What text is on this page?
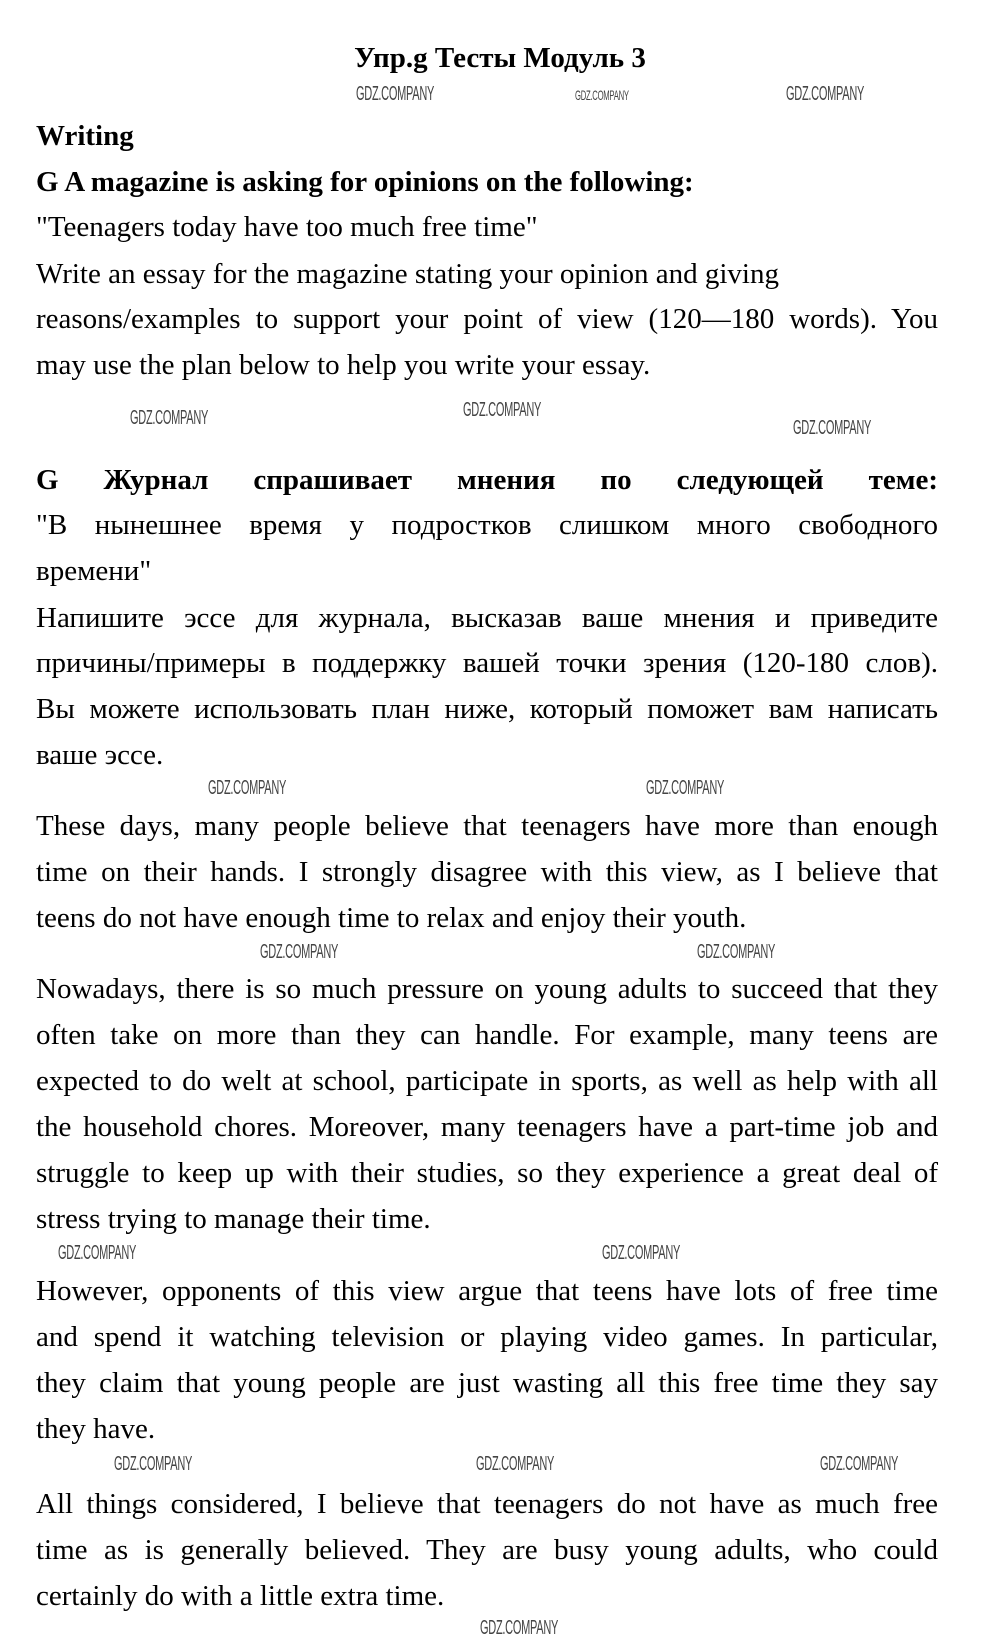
Упр.g Тесты Модуль 3
Writing
G A magazine is asking for opinions on the following:
"Teenagers today have too much free time"
Write an essay for the magazine stating your opinion and giving
reasons/examples to support your point of view (120—180 words). You
may use the plan below to help you write your essay.
G Журнал спрашивает мнения по следующей теме:
"В нынешнее время у подростков слишком много свободного
времени"
Напишите эссе для журнала, высказав ваше мнения и приведите
причины/примеры в поддержку вашей точки зрения (120-180 слов).
Вы можете использовать план ниже, который поможет вам написать
ваше эссе.
These days, many people believe that teenagers have more than enough
time on their hands. I strongly disagree with this view, as I believe that
teens do not have enough time to relax and enjoy their youth.
Nowadays, there is so much pressure on young adults to succeed that they
often take on more than they can handle. For example, many teens are
expected to do welt at school, participate in sports, as well as help with all
the household chores. Moreover, many teenagers have a part-time job and
struggle to keep up with their studies, so they experience a great deal of
stress trying to manage their time.
However, opponents of this view argue that teens have lots of free time
and spend it watching television or playing video games. In particular,
they claim that young people are just wasting all this free time they say
they have.
All things considered, I believe that teenagers do not have as much free
time as is generally believed. They are busy young adults, who could
certainly do with a little extra time.
GDZ.COMPANY	GDZ.COMPANY	GDZ.COMPANY
GDZ.COMPANY	GDZ.COMPANY
GDZ.COMPANY
GDZ.COMPANY	GDZ.COMPANY
GDZ.COMPANY	GDZ.COMPANY
GDZ.COMPANY	GDZ.COMPANY
GDZ.COMPANY	GDZ.COMPANY	GDZ.COMPANY
GDZ.COMPANY
